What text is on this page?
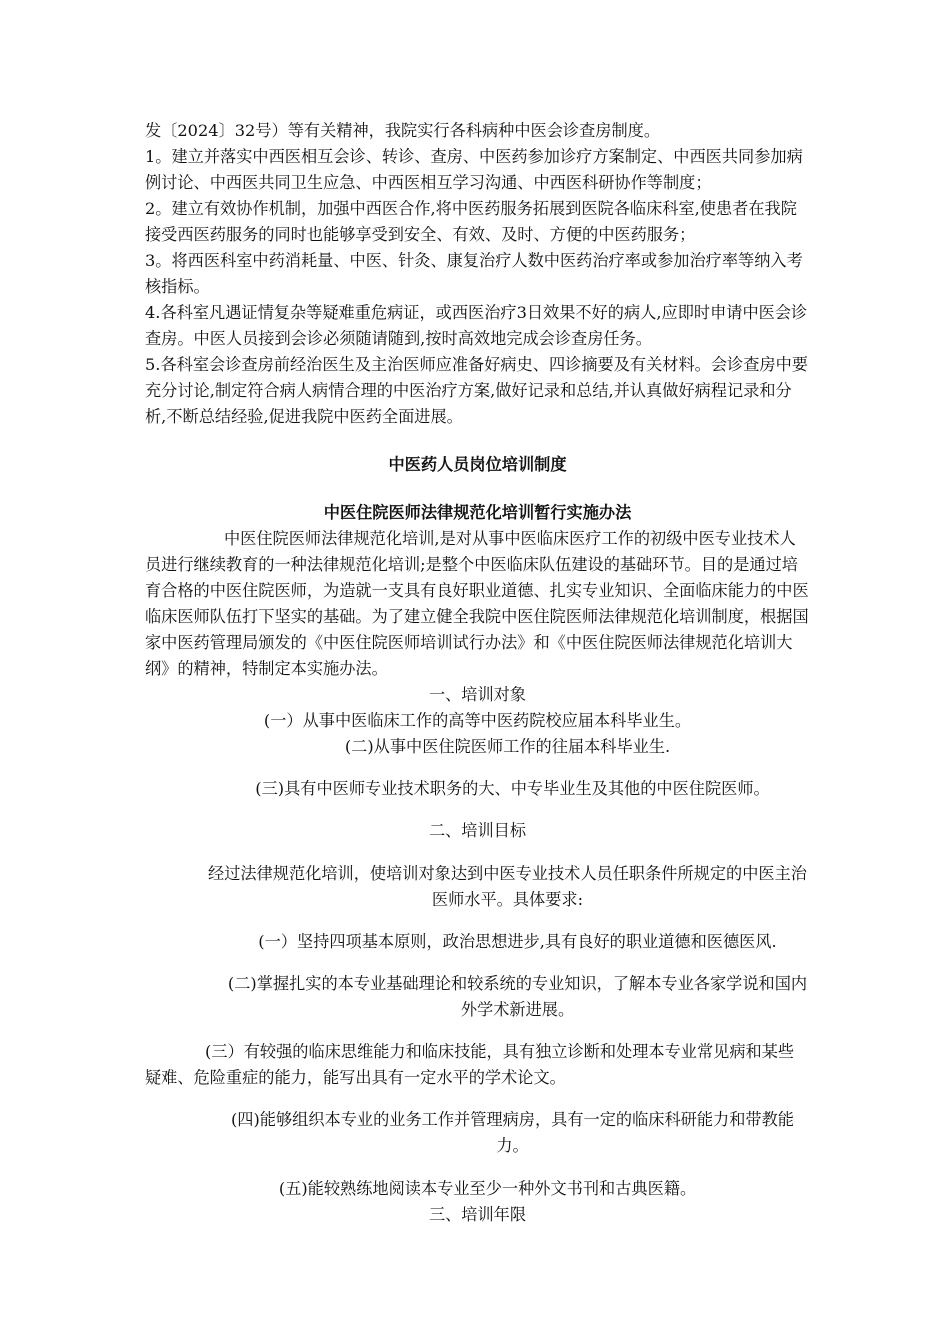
发〔2024〕32号）等有关精神，我院实行各科病种中医会诊查房制度。

1。建立并落实中西医相互会诊、转诊、查房、中医药参加诊疗方案制定、中西医共同参加病例讨论、中西医共同卫生应急、中西医相互学习沟通、中西医科研协作等制度；

2。建立有效协作机制，加强中西医合作,将中医药服务拓展到医院各临床科室,使患者在我院接受西医药服务的同时也能够享受到安全、有效、及时、方便的中医药服务；

3。将西医科室中药消耗量、中医、针灸、康复治疗人数中医药治疗率或参加治疗率等纳入考核指标。

4.各科室凡遇证情复杂等疑难重危病证，或西医治疗3日效果不好的病人,应即时申请中医会诊查房。中医人员接到会诊必须随请随到,按时高效地完成会诊查房任务。

5.各科室会诊查房前经治医生及主治医师应准备好病史、四诊摘要及有关材料。会诊查房中要充分讨论,制定符合病人病情合理的中医治疗方案,做好记录和总结,并认真做好病程记录和分析,不断总结经验,促进我院中医药全面进展。

中医药人员岗位培训制度

中医住院医师法律规范化培训暂行实施办法

中医住院医师法律规范化培训,是对从事中医临床医疗工作的初级中医专业技术人员进行继续教育的一种法律规范化培训;是整个中医临床队伍建设的基础环节。目的是通过培育合格的中医住院医师，为造就一支具有良好职业道德、扎实专业知识、全面临床能力的中医临床医师队伍打下坚实的基础。为了建立健全我院中医住院医师法律规范化培训制度，根据国家中医药管理局颁发的《中医住院医师培训试行办法》和《中医住院医师法律规范化培训大纲》的精神，特制定本实施办法。

一、培训对象

(一）从事中医临床工作的高等中医药院校应届本科毕业生。

(二)从事中医住院医师工作的往届本科毕业生.

(三)具有中医师专业技术职务的大、中专毕业生及其他的中医住院医师。

二、培训目标

经过法律规范化培训，使培训对象达到中医专业技术人员任职条件所规定的中医主治医师水平。具体要求:

(一）坚持四项基本原则，政治思想进步,具有良好的职业道德和医德医风.

(二)掌握扎实的本专业基础理论和较系统的专业知识，了解本专业各家学说和国内外学术新进展。

(三）有较强的临床思维能力和临床技能，具有独立诊断和处理本专业常见病和某些疑难、危险重症的能力，能写出具有一定水平的学术论文。

(四)能够组织本专业的业务工作并管理病房，具有一定的临床科研能力和带教能力。

(五)能较熟练地阅读本专业至少一种外文书刊和古典医籍。

三、培训年限
